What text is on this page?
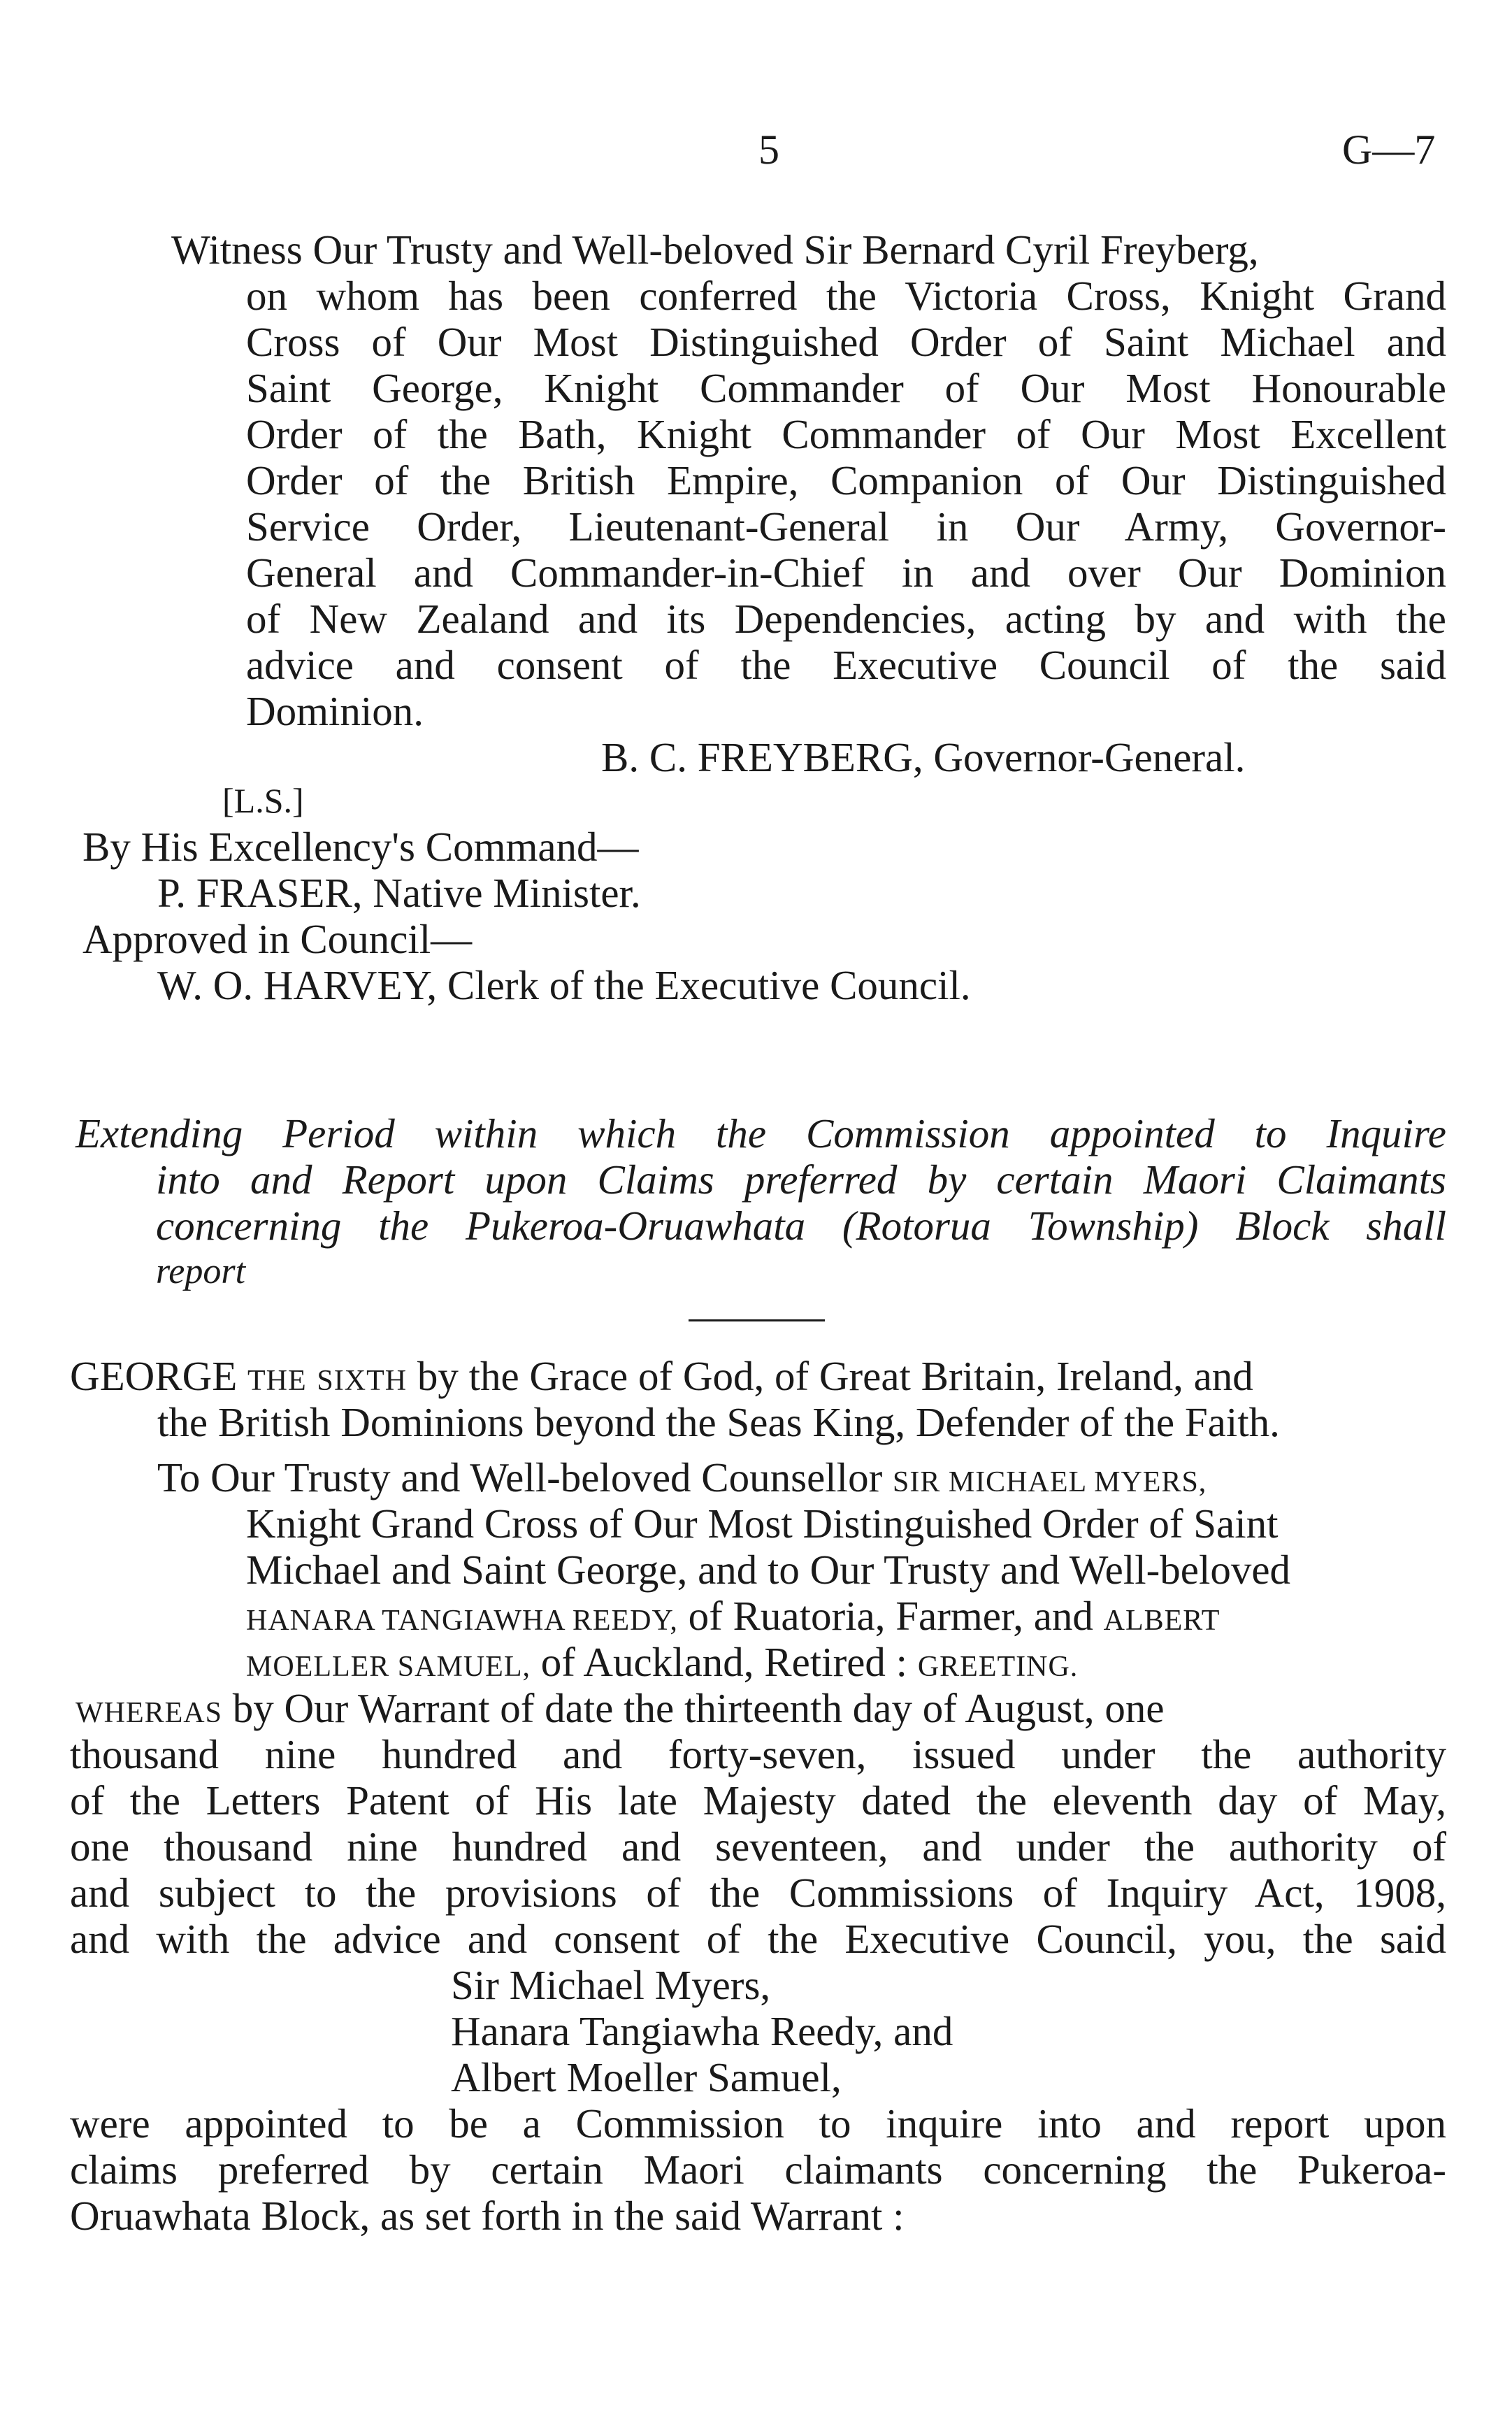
5	G—7
Witness Our Trusty and Well-beloved Sir Bernard Cyril Freyberg,
on whom has been conferred the Victoria Cross, Knight Grand
Cross of Our Most Distinguished Order of Saint Michael and
Saint George, Knight Commander of Our Most Honourable
Order of the Bath, Knight Commander of Our Most Excellent
Order of the British Empire, Companion of Our Distinguished
Service Order, Lieutenant-General in Our Army, Governor-
General and Commander-in-Chief in and over Our Dominion
of New Zealand and its Dependencies, acting by and with the
advice and consent of the Executive Council of the said
Dominion.
B. C. FREYBERG, Governor-General.
[L.S.]
By His Excellency's Command—
P. FRASER, Native Minister.
Approved in Council—
W. O. HARVEY, Clerk of the Executive Council.
Extending Period within which the Commission appointed to Inquire
into and Report upon Claims preferred by certain Maori Claimants
concerning the Pukeroa-Oruawhata (Rotorua Township) Block shall
report
GEORGE THE SIXTH by the Grace of God, of Great Britain, Ireland, and
the British Dominions beyond the Seas King, Defender of the Faith.
To Our Trusty and Well-beloved Counsellor SIR MICHAEL MYERS,
Knight Grand Cross of Our Most Distinguished Order of Saint
Michael and Saint George, and to Our Trusty and Well-beloved
HANARA TANGIAWHA REEDY, of Ruatoria, Farmer, and ALBERT
MOELLER SAMUEL, of Auckland, Retired : GREETING.
WHEREAS by Our Warrant of date the thirteenth day of August, one
thousand nine hundred and forty-seven, issued under the authority
of the Letters Patent of His late Majesty dated the eleventh day of May,
one thousand nine hundred and seventeen, and under the authority of
and subject to the provisions of the Commissions of Inquiry Act, 1908,
and with the advice and consent of the Executive Council, you, the said
Sir Michael Myers,
Hanara Tangiawha Reedy, and
Albert Moeller Samuel,
were appointed to be a Commission to inquire into and report upon
claims preferred by certain Maori claimants concerning the Pukeroa-
Oruawhata Block, as set forth in the said Warrant :
